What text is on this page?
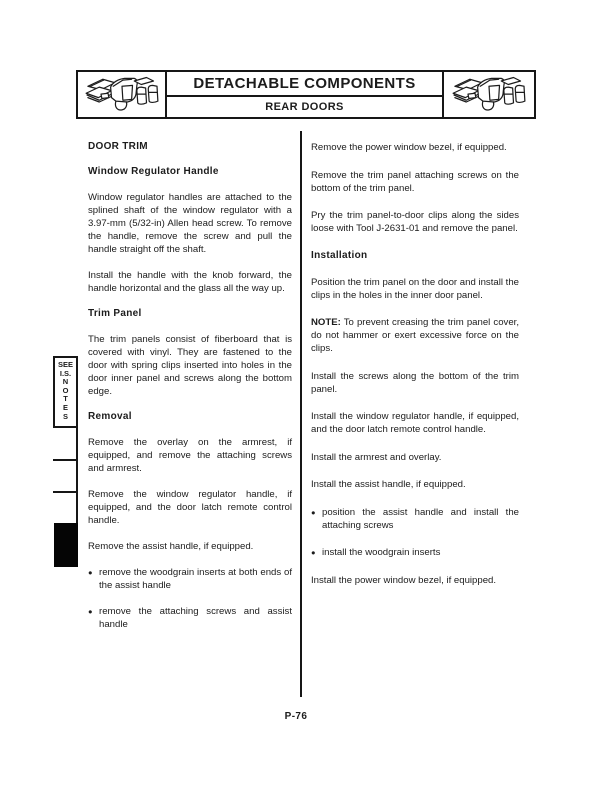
DETACHABLE COMPONENTS
REAR DOORS
SEE
I.S.
N
O
T
E
S
DOOR TRIM
Window Regulator Handle

Window regulator handles are attached to the splined shaft of the window regulator with a 3.97-mm (5/32-in) Allen head screw. To remove the handle, remove the screw and pull the handle straight off the shaft.

Install the handle with the knob forward, the handle horizontal and the glass all the way up.

Trim Panel

The trim panels consist of fiberboard that is covered with vinyl. They are fastened to the door with spring clips inserted into holes in the door inner panel and screws along the bottom edge.

Removal

Remove the overlay on the armrest, if equipped, and remove the attaching screws and armrest.

Remove the window regulator handle, if equipped, and the door latch remote control handle.

Remove the assist handle, if equipped.

● remove the woodgrain inserts at both ends of the assist handle

● remove the attaching screws and assist handle

Remove the power window bezel, if equipped.

Remove the trim panel attaching screws on the bottom of the trim panel.

Pry the trim panel-to-door clips along the sides loose with Tool J-2631-01 and remove the panel.

Installation

Position the trim panel on the door and install the clips in the holes in the inner door panel.

NOTE: To prevent creasing the trim panel cover, do not hammer or exert excessive force on the clips.

Install the screws along the bottom of the trim panel.

Install the window regulator handle, if equipped, and the door latch remote control handle.

Install the armrest and overlay.

Install the assist handle, if equipped.

● position the assist handle and install the attaching screws

● install the woodgrain inserts

Install the power window bezel, if equipped.

P-76
